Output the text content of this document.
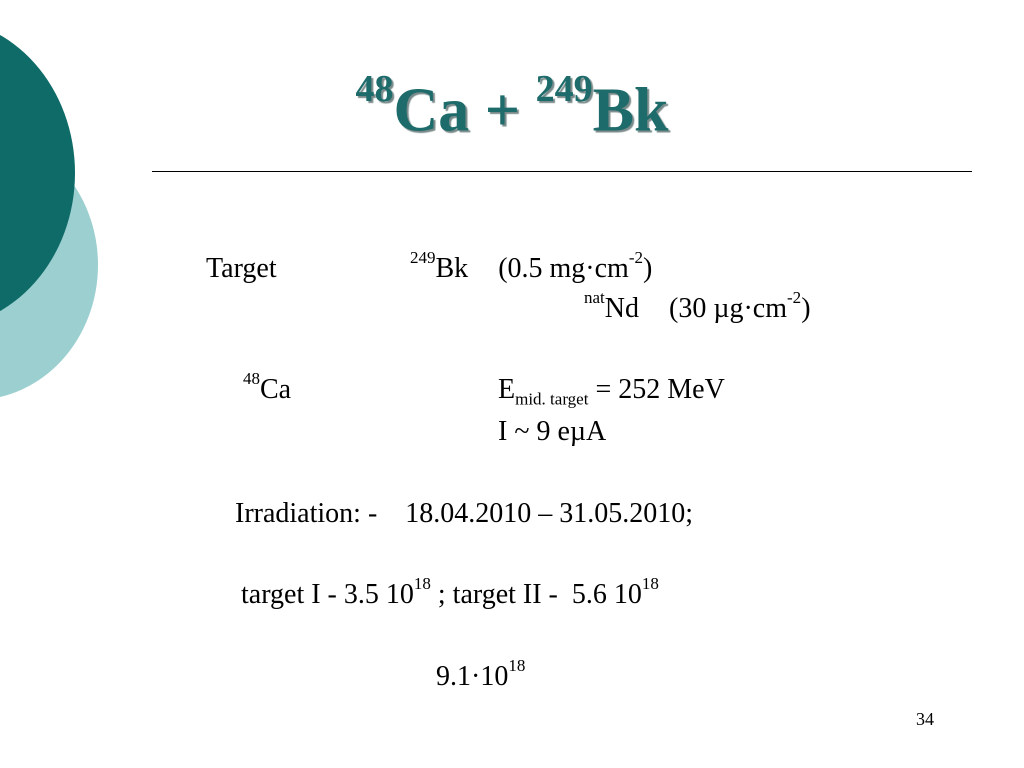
$^{48}$Ca + $^{249}$Bk
Target	$^{249}$Bk (0.5 $mg\cdot cm^{-2}$)
$^{nat}$Nd (30 $\mu g\cdot cm^{-2}$)
$^{48}$Ca	$E_{mid. target} = 252$ MeV
I ~ 9 eµA
Irradiation: -    18.04.2010 – 31.05.2010;
target I - 3.5 $10^{18}$ ; target II -  5.6 $10^{18}$
$9.1\cdot 10^{18}$
34
